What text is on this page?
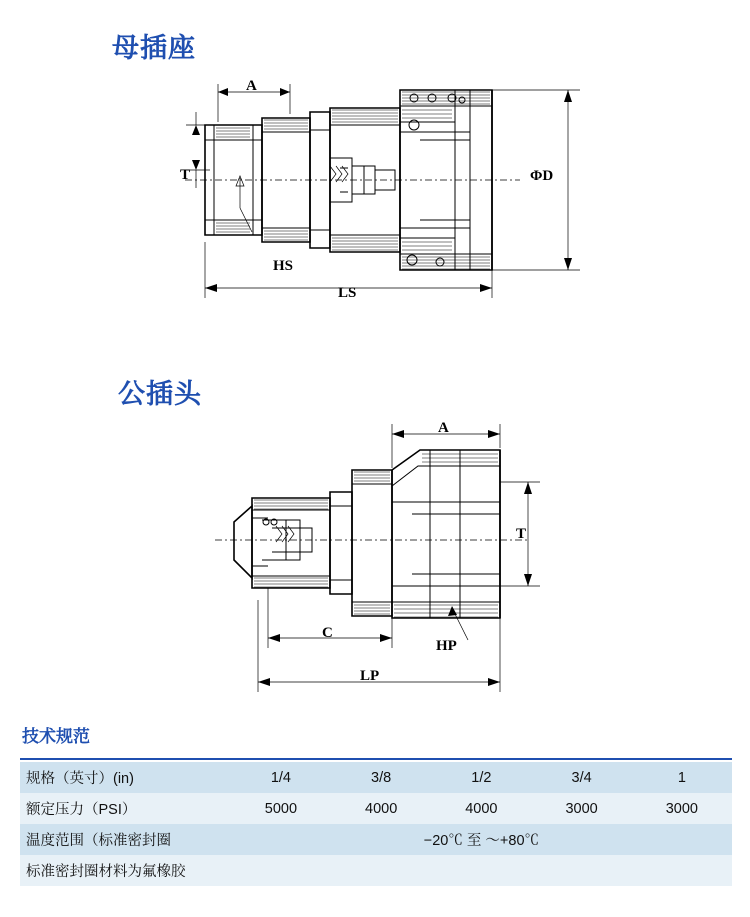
母插座
A
T
HS
LS
ΦD
公插头
A
T
C
HP
LP
技术规范
规格（英寸）(in)	1/4	3/8	1/2	3/4	1
额定压力（PSI）	5000	4000	4000	3000	3000
温度范围（标准密封圈	−20℃ 至 ～+80℃				
标准密封圈材料为氟橡胶					
